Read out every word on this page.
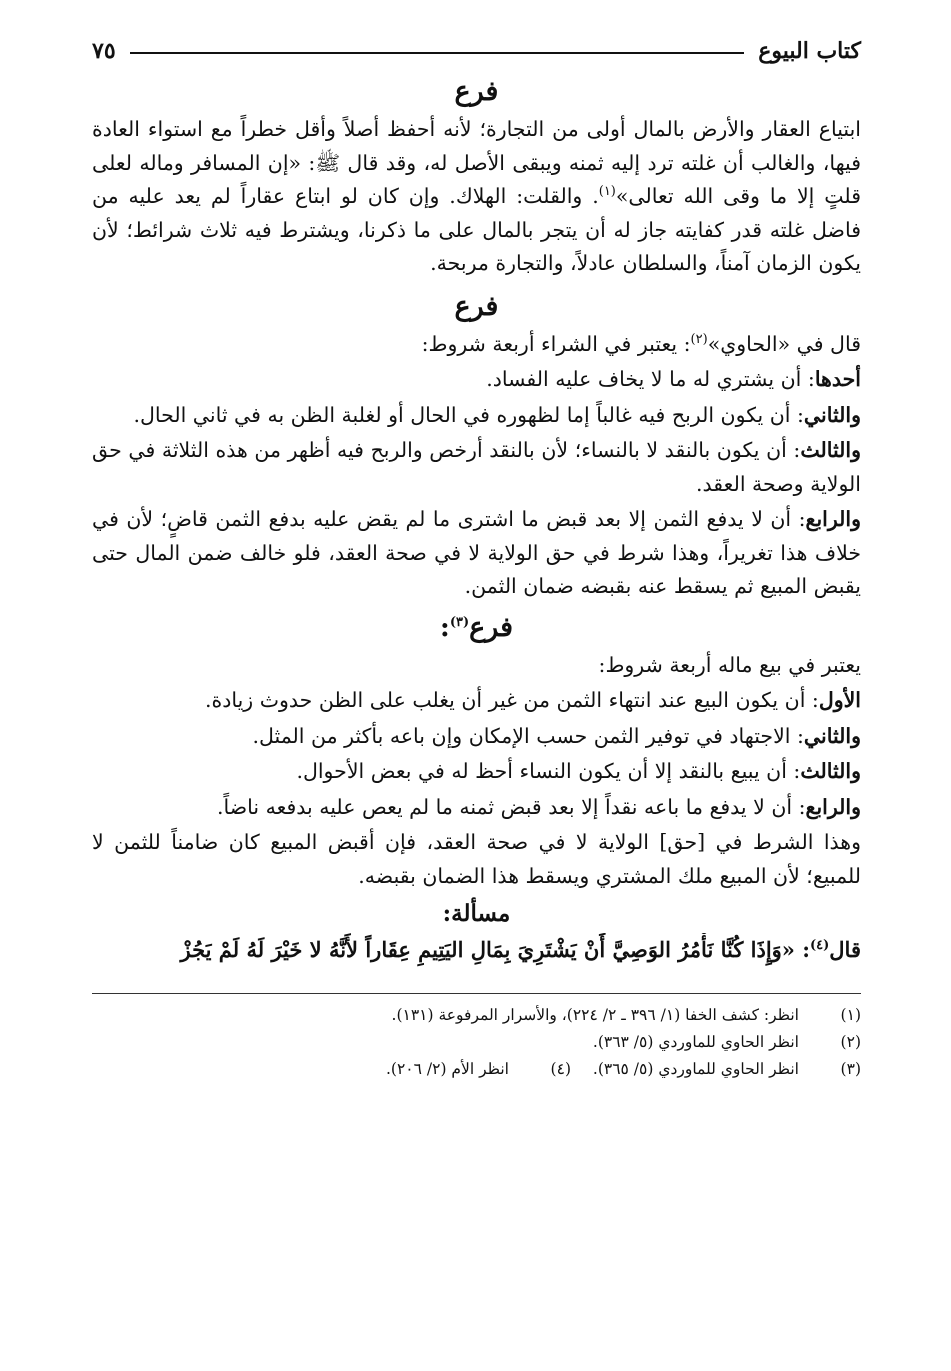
كتاب البيوع
٧٥
فرع

ابتياع العقار والأرض بالمال أولى من التجارة؛ لأنه أحفظ أصلاً وأقل خطراً مع استواء العادة فيها، والغالب أن غلته ترد إليه ثمنه ويبقى الأصل له، وقد قال ﷺ: «إن المسافر وماله لعلى قلتٍ إلا ما وقى الله تعالى»$^{(١)}$. والقلت: الهلاك. وإن كان لو ابتاع عقاراً لم يعد عليه من فاضل غلته قدر كفايته جاز له أن يتجر بالمال على ما ذكرنا، ويشترط فيه ثلاث شرائط؛ لأن يكون الزمان آمناً، والسلطان عادلاً، والتجارة مربحة.

فرع

قال في «الحاوي»$^{(٢)}$: يعتبر في الشراء أربعة شروط:

أحدها: أن يشتري له ما لا يخاف عليه الفساد.

والثاني: أن يكون الربح فيه غالباً إما لظهوره في الحال أو لغلبة الظن به في ثاني الحال.

والثالث: أن يكون بالنقد لا بالنساء؛ لأن بالنقد أرخص والربح فيه أظهر من هذه الثلاثة في حق الولاية وصحة العقد.

والرابع: أن لا يدفع الثمن إلا بعد قبض ما اشترى ما لم يقض عليه بدفع الثمن قاضٍ؛ لأن في خلاف هذا تغريراً، وهذا شرط في حق الولاية لا في صحة العقد، فلو خالف ضمن المال حتى يقبض المبيع ثم يسقط عنه بقبضه ضمان الثمن.

فرع$^{(٣)}$:

يعتبر في بيع ماله أربعة شروط:

الأول: أن يكون البيع عند انتهاء الثمن من غير أن يغلب على الظن حدوث زيادة.

والثاني: الاجتهاد في توفير الثمن حسب الإمكان وإن باعه بأكثر من المثل.

والثالث: أن يبيع بالنقد إلا أن يكون النساء أحظ له في بعض الأحوال.

والرابع: أن لا يدفع ما باعه نقداً إلا بعد قبض ثمنه ما لم يعص عليه بدفعه ناضاً.

وهذا الشرط في [حق] الولاية لا في صحة العقد، فإن أقبض المبيع كان ضامناً للثمن لا للمبيع؛ لأن المبيع ملك المشتري ويسقط هذا الضمان بقبضه.

مسألة:
قال$^{(٤)}$: «وَإِذَا كُنَّا نَأْمُرُ الوَصِيَّ أَنْ يَشْتَرِيَ بِمَالِ اليَتِيمِ عِقَاراً لأَنَّهُ لا خَيْرَ لَهُ لَمْ يَجُزْ
(١)
انظر: كشف الخفا (١/ ٣٩٦ ـ ٢/ ٢٢٤)، والأسرار المرفوعة (١٣١).
(٢)
انظر الحاوي للماوردي (٥/ ٣٦٣).
(٣)
انظر الحاوي للماوردي (٥/ ٣٦٥).
(٤)
انظر الأم (٢/ ٢٠٦).
